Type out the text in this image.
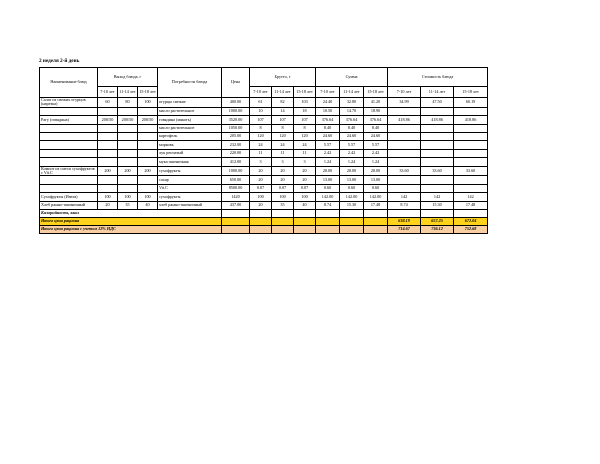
2 неделя 2-й день
Наименование блюд	Выход блюда, г			Потребности блюда	Цена	Брутто, г			Сумма			Стоимость блюда		
	7-10 лет	11-14 лет	15-18 лет			7-10 лет	11-14 лет	15-18 лет	7-10 лет	11-14 лет	15-18 лет	7-10 лет	11-14 лет	15-18 лет
Салат из свежих огурцов (нарезка)	60	80	100	огурцы свежие	400.00	61	82	103	24.40	32.80	41.20	34.99	47.50	60.19
				масло растительное	1000.00	10	14	18	10.50	14.70	18.90			
Рагу (говядина)	200/50	200/50	200/50	говядина (мякоть)	3520.00	107	107	107	376.64	376.64	376.64	418.86	418.86	418.86
				масло растительное	1050.00	8	8	8	8.40	8.40	8.40			
				картофель	205.00	120	120	120	24.60	24.60	24.60			
				морковь	232.00	24	24	24	5.57	5.57	5.57			
				лук репчатый	220.00	11	11	11	2.42	2.42	2.42			
				мука пшеничная	412.00	3	3	3	1.24	1.24	1.24			
Компот из смеси сухофруктов с Vit.С	200	200	200	сухофрукты	1000.00	20	20	20	20.00	20.00	20.00	33.60	33.60	33.60
				сахар	650.00	20	20	20	13.00	13.00	13.00			
				Vit.С	8500.00	0.07	0.07	0.07	0.60	0.60	0.60			
Сухофрукты (Изюм)	100	100	100	сухофрукты	1420	100	100	100	142.00	142.00	142.00	142	142	142
Хлеб ржано-пшеничный	20	35	40	хлеб ржано-пшеничный	437.00	20	35	40	8.74	15.30	17.48	8.74	15.30	17.48
Калорийность, ккал														
Итого цена рациона												638.19	657.25	672.04
Итого цена рациона с учетом 12% НДС												714.67	736.12	752.68
